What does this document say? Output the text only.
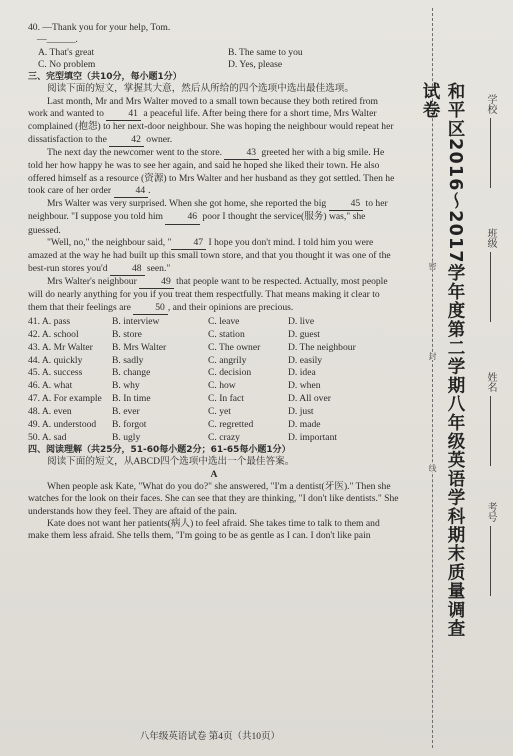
40. —Thank you for your help, Tom.

—______.

A. That's great	B. The same to you
C. No problem	D. Yes, please

三、完型填空（共10分，每小题1分）

阅读下面的短文，掌握其大意，然后从所给的四个选项中选出最佳选项。

Last month, Mr and Mrs Walter moved to a small town because they both retired from work and wanted to 41 a peaceful life. After being there for a short time, Mrs Walter complained (抱怨) to her next-door neighbour. She was hoping the neighbour would repeat her dissatisfaction to the 42 owner.

The next day the newcomer went to the store. 43 greeted her with a big smile. He told her how happy he was to see her again, and said he hoped she liked their town. He also offered himself as a resource (资源) to Mrs Walter and her husband as they got settled. Then he took care of her order 44 .

Mrs Walter was very surprised. When she got home, she reported the big 45 to her neighbour. "I suppose you told him 46 poor I thought the service(服务) was," she guessed.

"Well, no," the neighbour said, " 47 I hope you don't mind. I told him you were amazed at the way he had built up this small town store, and that you thought it was one of the best-run stores you'd 48 seen."

Mrs Walter's neighbour 49 that people want to be respected. Actually, most people will do nearly anything for you if you treat them respectfully. That means making it clear to them that their feelings are 50 , and their opinions are precious.

41. A. pass	B. interview	C. leave	D. live
42. A. school	B. store	C. station	D. guest
43. A. Mr Walter	B. Mrs Walter	C. The owner	D. The neighbour
44. A. quickly	B. sadly	C. angrily	D. easily
45. A. success	B. change	C. decision	D. idea
46. A. what	B. why	C. how	D. when
47. A. For example	B. In time	C. In fact	D. All over
48. A. even	B. ever	C. yet	D. just
49. A. understood	B. forgot	C. regretted	D. made
50. A. sad	B. ugly	C. crazy	D. important

四、阅读理解（共25分，51-60每小题2分；61-65每小题1分）

阅读下面的短文，从ABCD四个选项中选出一个最佳答案。

A

When people ask Kate, "What do you do?" she answered, "I'm a dentist(牙医)." Then she watches for the look on their faces. She can see that they are thinking, "I don't like dentists." She understands how they feel. They are aftaid of the pain.

Kate does not want her patients(病人) to feel afraid. She takes time to talk to them and make them less afraid. She tells them, "I'm going to be as gentle as I can. I don't like pain

八年级英语试卷 第4页（共10页）
密
封
线 和平区2016～2017学年度第二学期八年级英语学科期末质量调查试卷	学校
班级
姓名
考号
